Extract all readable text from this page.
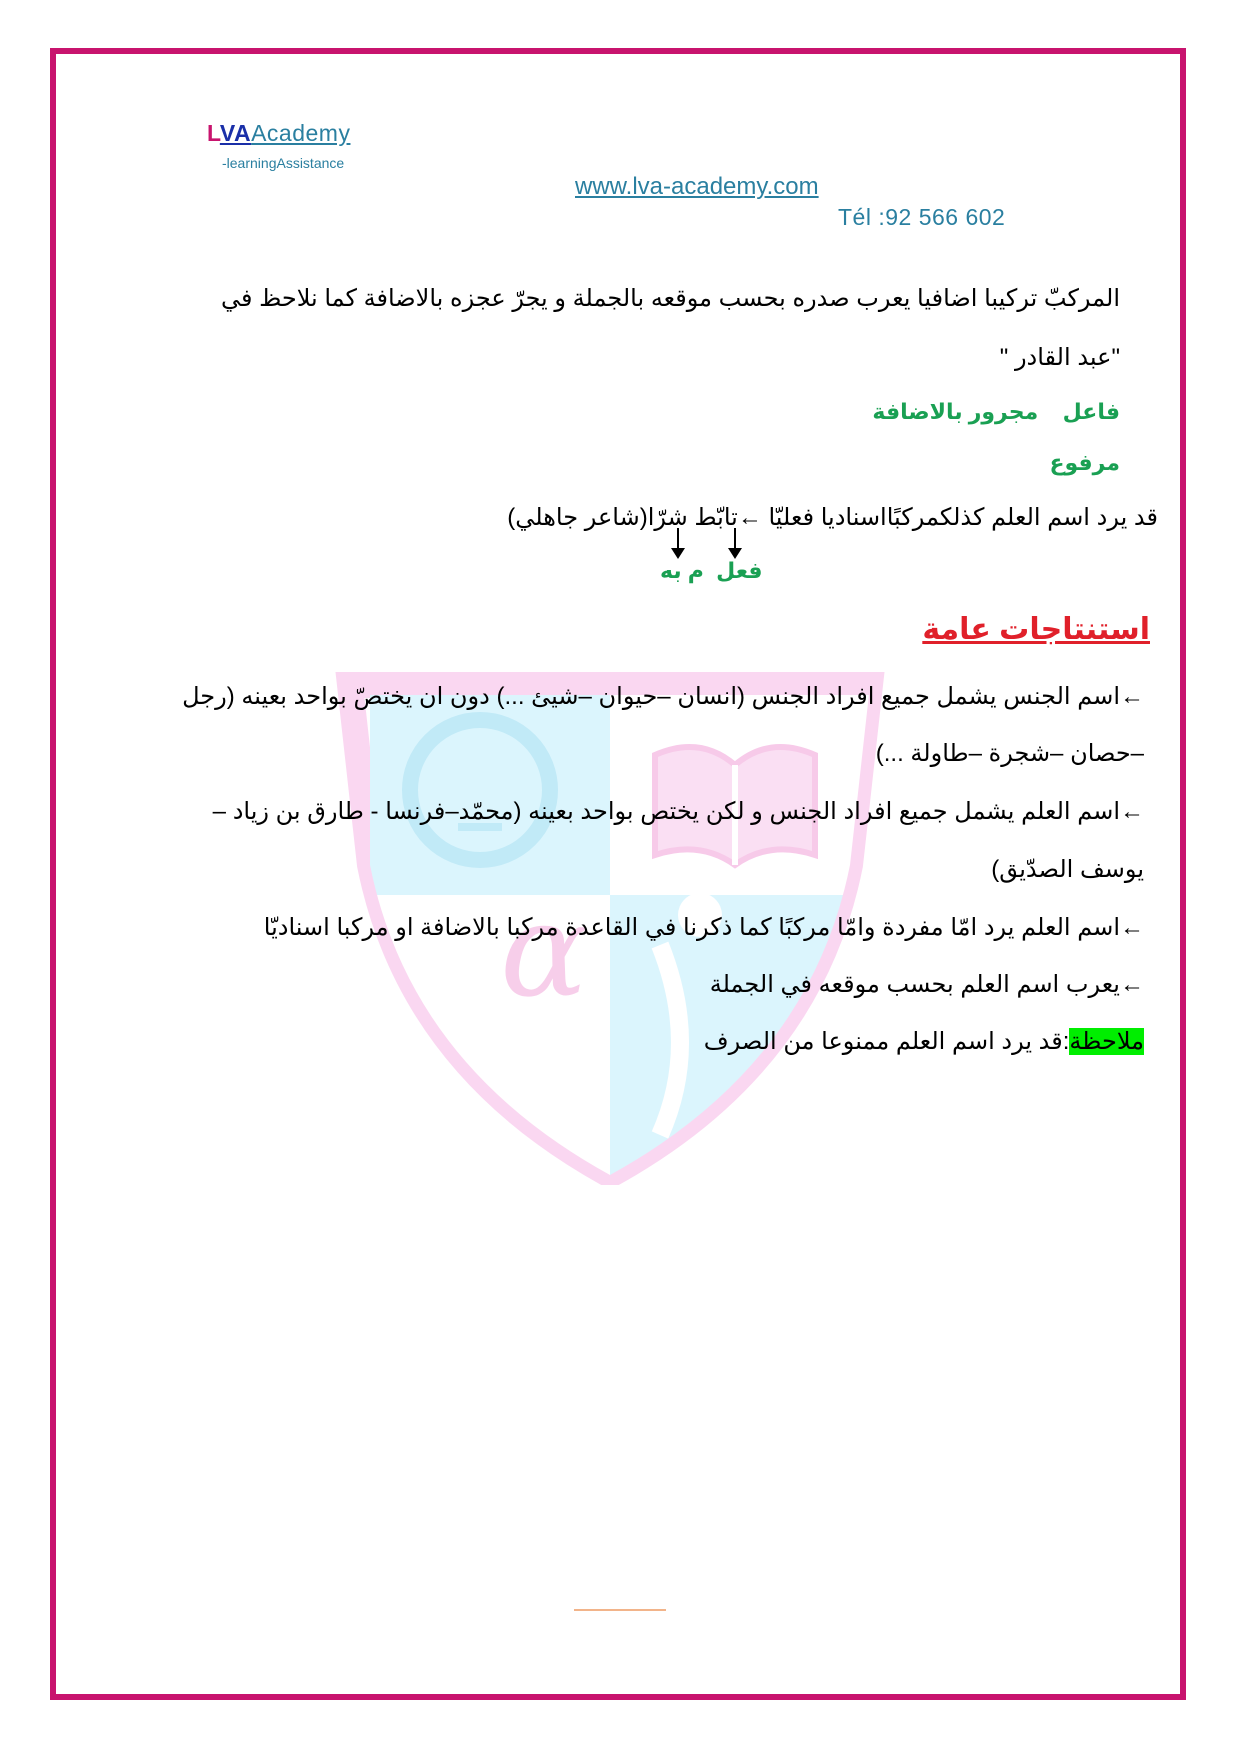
LVAAcademy
-learningAssistance
www.lva-academy.com
Tél :92 566 602
α
المركبّ تركيبا اضافيا يعرب صدره بحسب موقعه بالجملة و يجرّ عجزه بالاضافة كما نلاحظ في
"عبد القادر "
فاعل    مجرور بالاضافة
مرفوع
قد يرد اسم العلم كذلكمركبًااسناديا فعليّا ←تابّط شرّا(شاعر جاهلي)
فعل  م به
استنتاجات عامة
←اسم الجنس يشمل جميع افراد الجنس (انسان –حيوان –شيئ ...) دون ان يختصّ بواحد بعينه (رجل
–حصان –شجرة –طاولة ...)
←اسم العلم يشمل جميع افراد الجنس و لكن يختص بواحد بعينه (محمّد–فرنسا - طارق بن زياد –
يوسف الصدّيق)
←اسم العلم يرد امّا مفردة وامّا مركبًا كما ذكرنا في القاعدة مركبا بالاضافة او مركبا اسناديّا
←يعرب اسم العلم بحسب موقعه في الجملة
ملاحظة:قد يرد اسم العلم ممنوعا من الصرف
